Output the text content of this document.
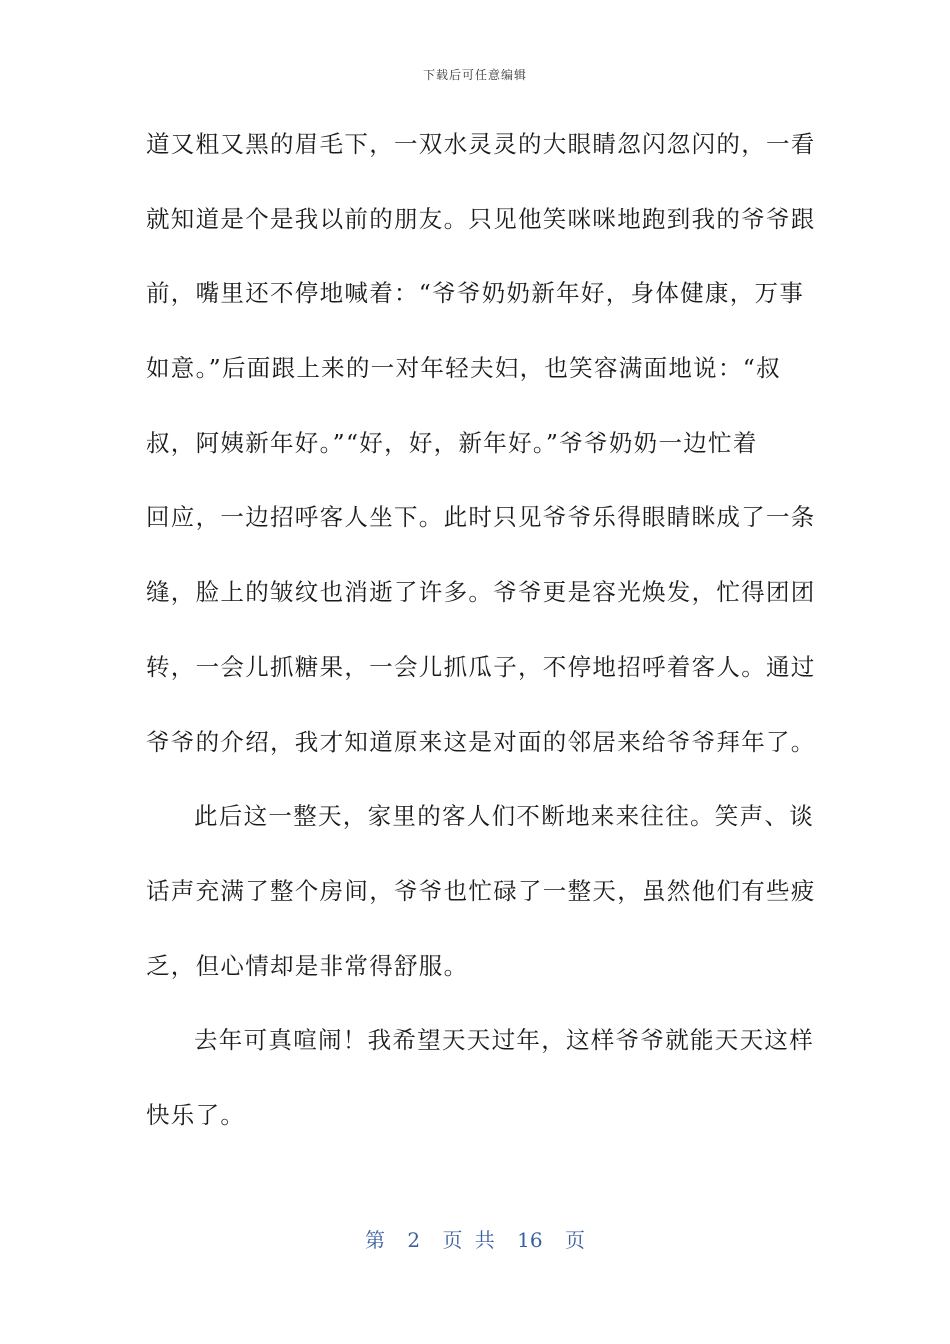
下载后可任意编辑
道又粗又黑的眉毛下，一双水灵灵的大眼睛忽闪忽闪的，一看
就知道是个是我以前的朋友。只见他笑咪咪地跑到我的爷爷跟
前，嘴里还不停地喊着：“爷爷奶奶新年好，身体健康，万事
如意。”后面跟上来的一对年轻夫妇，也笑容满面地说：“叔
叔，阿姨新年好。”“好，好，新年好。”爷爷奶奶一边忙着
回应，一边招呼客人坐下。此时只见爷爷乐得眼睛眯成了一条
缝，脸上的皱纹也消逝了许多。爷爷更是容光焕发，忙得团团
转，一会儿抓糖果，一会儿抓瓜子，不停地招呼着客人。通过
爷爷的介绍，我才知道原来这是对面的邻居来给爷爷拜年了。
此后这一整天，家里的客人们不断地来来往往。笑声、谈
话声充满了整个房间，爷爷也忙碌了一整天，虽然他们有些疲
乏，但心情却是非常得舒服。
去年可真喧闹！我希望天天过年，这样爷爷就能天天这样
快乐了。
第 2 页 共 16 页
